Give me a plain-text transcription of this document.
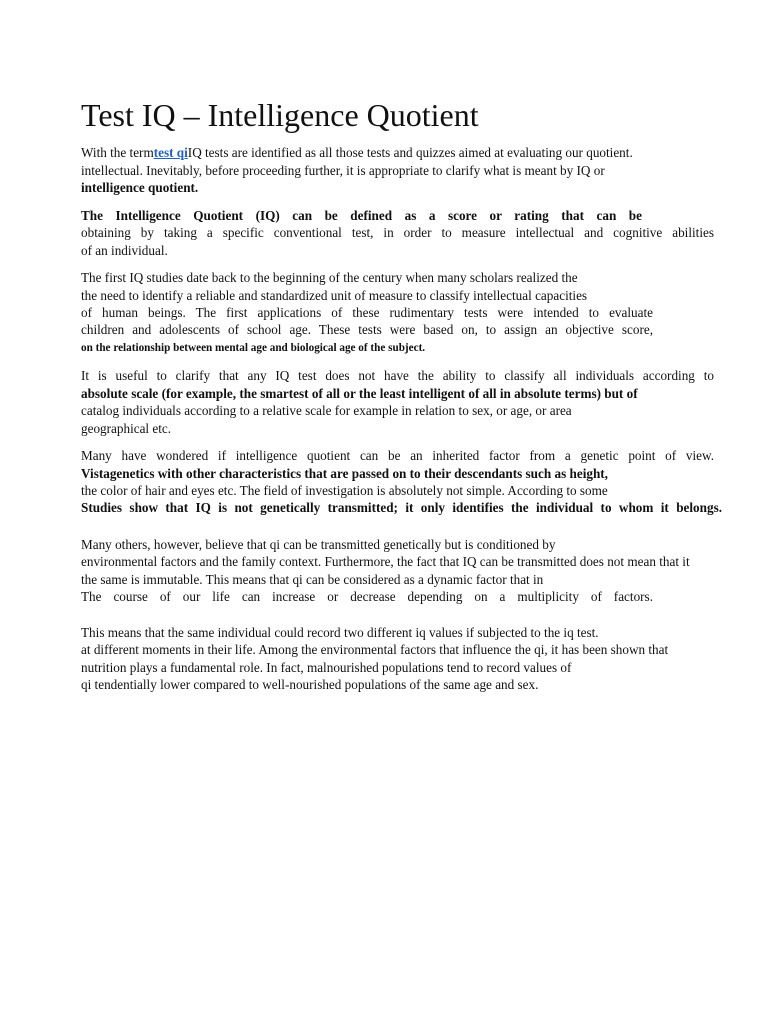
Test IQ – Intelligence Quotient
With the termtest qiIQ tests are identified as all those tests and quizzes aimed at evaluating our quotient.
intellectual. Inevitably, before proceeding further, it is appropriate to clarify what is meant by IQ or
intelligence quotient.
The Intelligence Quotient (IQ) can be defined as a score or rating that can be
obtaining by taking a specific conventional test, in order to measure intellectual and cognitive abilities
of an individual.
The first IQ studies date back to the beginning of the century when many scholars realized the
the need to identify a reliable and standardized unit of measure to classify intellectual capacities
of human beings. The first applications of these rudimentary tests were intended to evaluate
children and adolescents of school age. These tests were based on, to assign an objective score,
on the relationship between mental age and biological age of the subject.
It is useful to clarify that any IQ test does not have the ability to classify all individuals according to
absolute scale (for example, the smartest of all or the least intelligent of all in absolute terms) but of
catalog individuals according to a relative scale for example in relation to sex, or age, or area
geographical etc.
Many have wondered if intelligence quotient can be an inherited factor from a genetic point of view.
Vistagenetics with other characteristics that are passed on to their descendants such as height,
the color of hair and eyes etc. The field of investigation is absolutely not simple. According to some
Studies show that IQ is not genetically transmitted; it only identifies the individual to whom it belongs.
Many others, however, believe that qi can be transmitted genetically but is conditioned by
environmental factors and the family context. Furthermore, the fact that IQ can be transmitted does not mean that it
the same is immutable. This means that qi can be considered as a dynamic factor that in
The course of our life can increase or decrease depending on a multiplicity of factors.
This means that the same individual could record two different iq values if subjected to the iq test.
at different moments in their life. Among the environmental factors that influence the qi, it has been shown that
nutrition plays a fundamental role. In fact, malnourished populations tend to record values of
qi tendentially lower compared to well-nourished populations of the same age and sex.
